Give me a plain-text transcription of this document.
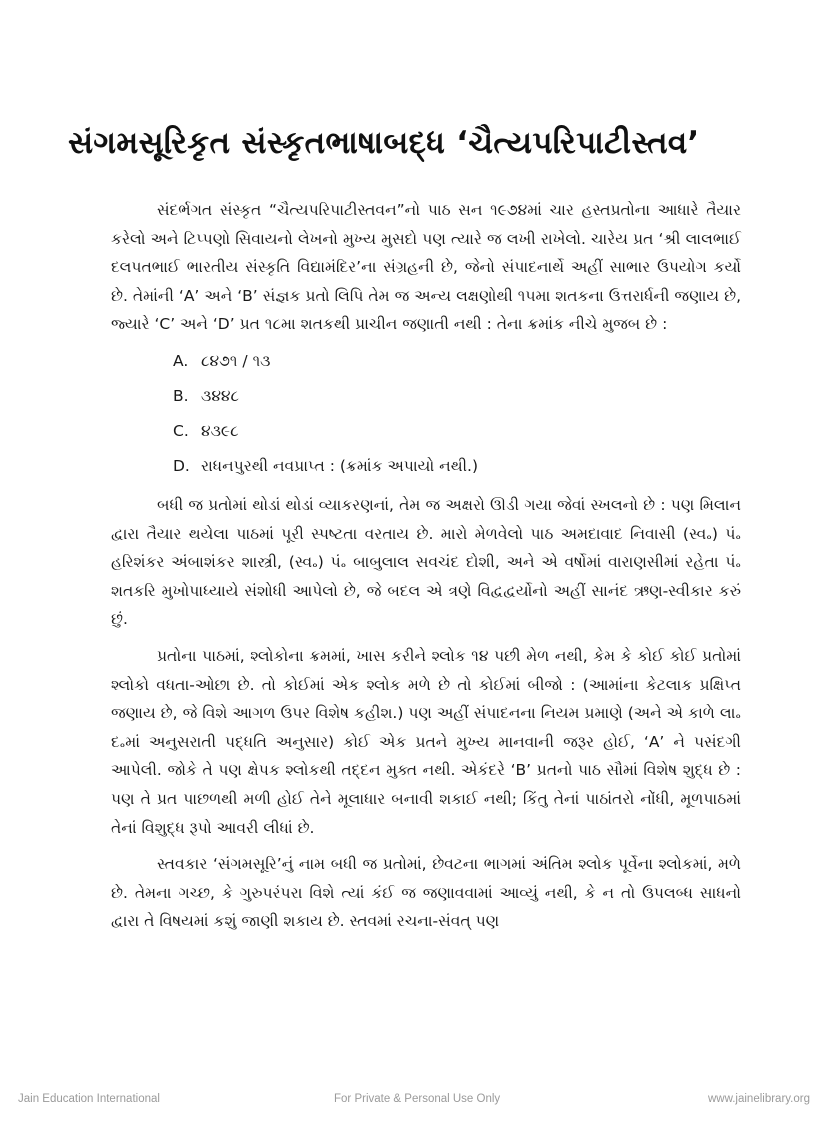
સંગમસૂરિકૃત સંસ્કૃતભાષાબદ્ધ ‘ચૈત્યપરિપાટીસ્તવ’

સંદર્ભગત સંસ્કૃત “ચૈત્યપરિપાટીસ્તવન”નો પાઠ સન ૧૯૭૪માં ચાર હસ્તપ્રતોના આધારે તૈયાર કરેલો અને ટિપ્પણો સિવાયનો લેખનો મુખ્ય મુસદો પણ ત્યારે જ લખી રાખેલો. ચારેય પ્રત ‘શ્રી લાલભાઈ દલપતભાઈ ભારતીય સંસ્કૃતિ વિદ્યામંદિર’ના સંગ્રહની છે, જેનો સંપાદનાર્થે અહીં સાભાર ઉપયોગ કર્યો છે. તેમાંની ‘A’ અને ‘B’ સંજ્ઞક પ્રતો લિપિ તેમ જ અન્ય લક્ષણોથી ૧૫મા શતકના ઉત્તરાર્ધની જણાય છે, જ્યારે ‘C’ અને ‘D’ પ્રત ૧૮મા શતકથી પ્રાચીન જણાતી નથી : તેના ક્રમાંક નીચે મુજબ છે :

A. ૮૪૭૧ / ૧૩
B. ૩૪૪૮
C. ૪૩૯૮
D. રાધનપુરથી નવપ્રાપ્ત : (ક્રમાંક અપાયો નથી.)

બધી જ પ્રતોમાં થોડાં થોડાં વ્યાકરણનાં, તેમ જ અક્ષરો ઊડી ગયા જેવાં સ્ખલનો છે : પણ મિલાન દ્વારા તૈયાર થયેલા પાઠમાં પૂરી સ્પષ્ટતા વરતાય છે. મારો મેળવેલો પાઠ અમદાવાદ નિવાસી (સ્વ૰) પં૰ હરિશંકર અંબાશંકર શાસ્ત્રી, (સ્વ૰) પં૰ બાબુલાલ સવચંદ દોશી, અને એ વર્ષોમાં વારાણસીમાં રહેતા પં૰ શતકરિ મુખોપાધ્યાયે સંશોધી આપેલો છે, જે બદલ એ ત્રણે વિદ્વદ્વર્યોનો અહીં સાનંદ ઋણ-સ્વીકાર કરું છું.

પ્રતોના પાઠમાં, શ્લોકોના ક્રમમાં, ખાસ કરીને શ્લોક ૧૪ પછી મેળ નથી, કેમ કે કોઈ કોઈ પ્રતોમાં શ્લોકો વધતા-ઓછા છે. તો કોઈમાં એક શ્લોક મળે છે તો કોઈમાં બીજો : (આમાંના કેટલાક પ્રક્ષિપ્ત જણાય છે, જે વિશે આગળ ઉપર વિશેષ કહીશ.) પણ અહીં સંપાદનના નિયમ પ્રમાણે (અને એ કાળે લા૰ દ૰માં અનુસરાતી પદ્ધતિ અનુસાર) કોઈ એક પ્રતને મુખ્ય માનવાની જરૂર હોઈ, ‘A’ ને પસંદગી આપેલી. જોકે તે પણ ક્ષેપક શ્લોકથી તદ્દન મુક્ત નથી. એકંદરે ‘B’ પ્રતનો પાઠ સૌમાં વિશેષ શુદ્ધ છે : પણ તે પ્રત પાછળથી મળી હોઈ તેને મૂલાધાર બનાવી શકાઈ નથી; કિંતુ તેનાં પાઠાંતરો નોંધી, મૂળપાઠમાં તેનાં વિશુદ્ધ રૂપો આવરી લીધાં છે.

સ્તવકાર ‘સંગમસૂરિ’નું નામ બધી જ પ્રતોમાં, છેવટના ભાગમાં અંતિમ શ્લોક પૂર્વેના શ્લોકમાં, મળે છે. તેમના ગચ્છ, કે ગુરુપરંપરા વિશે ત્યાં કંઈ જ જણાવવામાં આવ્યું નથી, કે ન તો ઉપલબ્ધ સાધનો દ્વારા તે વિષયમાં કશું જાણી શકાય છે. સ્તવમાં રચના-સંવત્ પણ

Jain Education International	For Private & Personal Use Only	www.jainelibrary.org
